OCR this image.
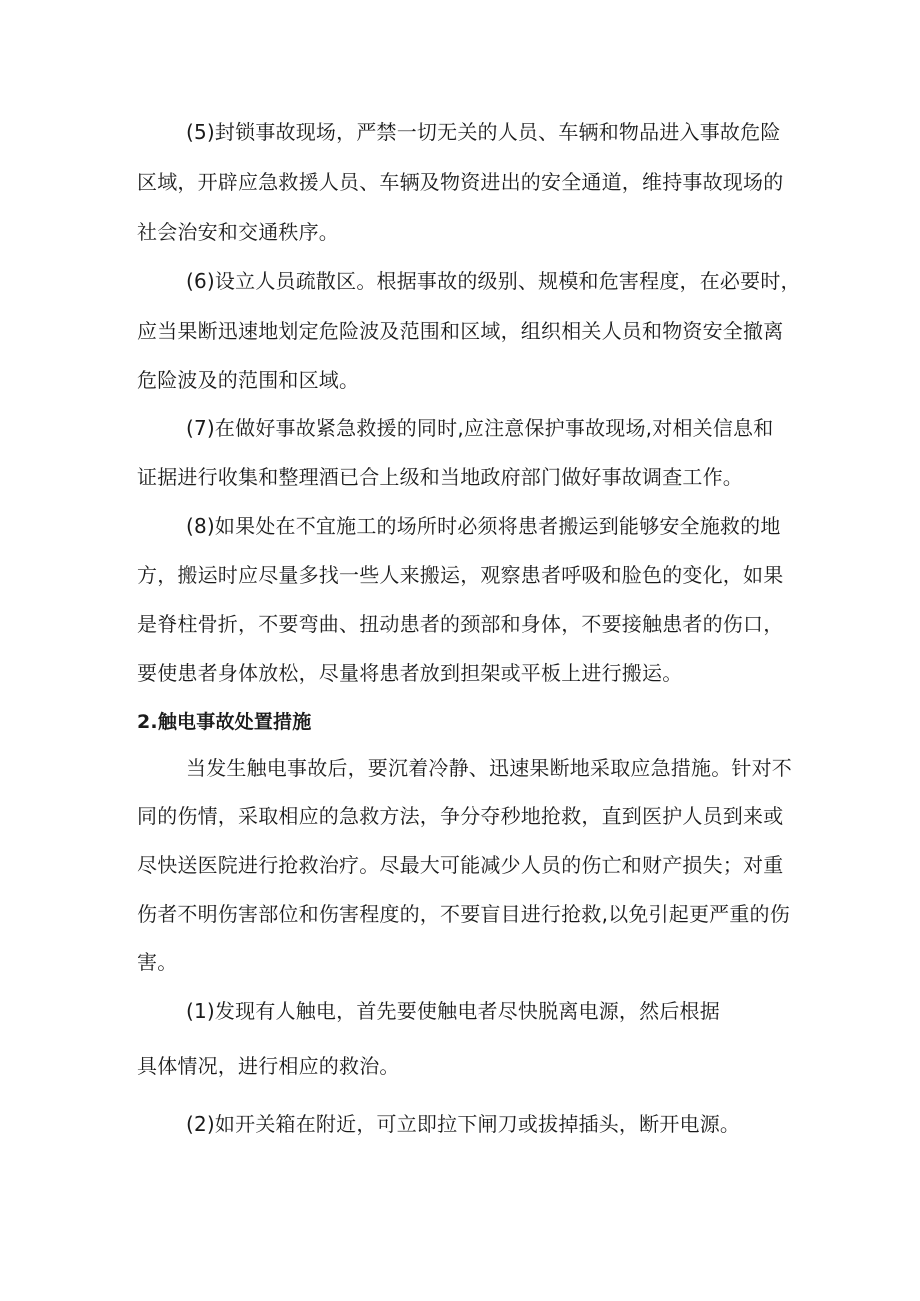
(5)封锁事故现场，严禁一切无关的人员、车辆和物品进入事故危险
区域，开辟应急救援人员、车辆及物资进出的安全通道，维持事故现场的
社会治安和交通秩序。
(6)设立人员疏散区。根据事故的级别、规模和危害程度，在必要时，
应当果断迅速地划定危险波及范围和区域，组织相关人员和物资安全撤离
危险波及的范围和区域。
(7)在做好事故紧急救援的同时,应注意保护事故现场,对相关信息和
证据进行收集和整理酒已合上级和当地政府部门做好事故调查工作。
(8)如果处在不宜施工的场所时必须将患者搬运到能够安全施救的地
方，搬运时应尽量多找一些人来搬运，观察患者呼吸和脸色的变化，如果
是脊柱骨折，不要弯曲、扭动患者的颈部和身体，不要接触患者的伤口，
要使患者身体放松，尽量将患者放到担架或平板上进行搬运。
2.触电事故处置措施
当发生触电事故后，要沉着冷静、迅速果断地采取应急措施。针对不
同的伤情，采取相应的急救方法，争分夺秒地抢救，直到医护人员到来或
尽快送医院进行抢救治疗。尽最大可能减少人员的伤亡和财产损失；对重
伤者不明伤害部位和伤害程度的，不要盲目进行抢救,以免引起更严重的伤
害。
(1)发现有人触电，首先要使触电者尽快脱离电源，然后根据
具体情况，进行相应的救治。
(2)如开关箱在附近，可立即拉下闸刀或拔掉插头，断开电源。
